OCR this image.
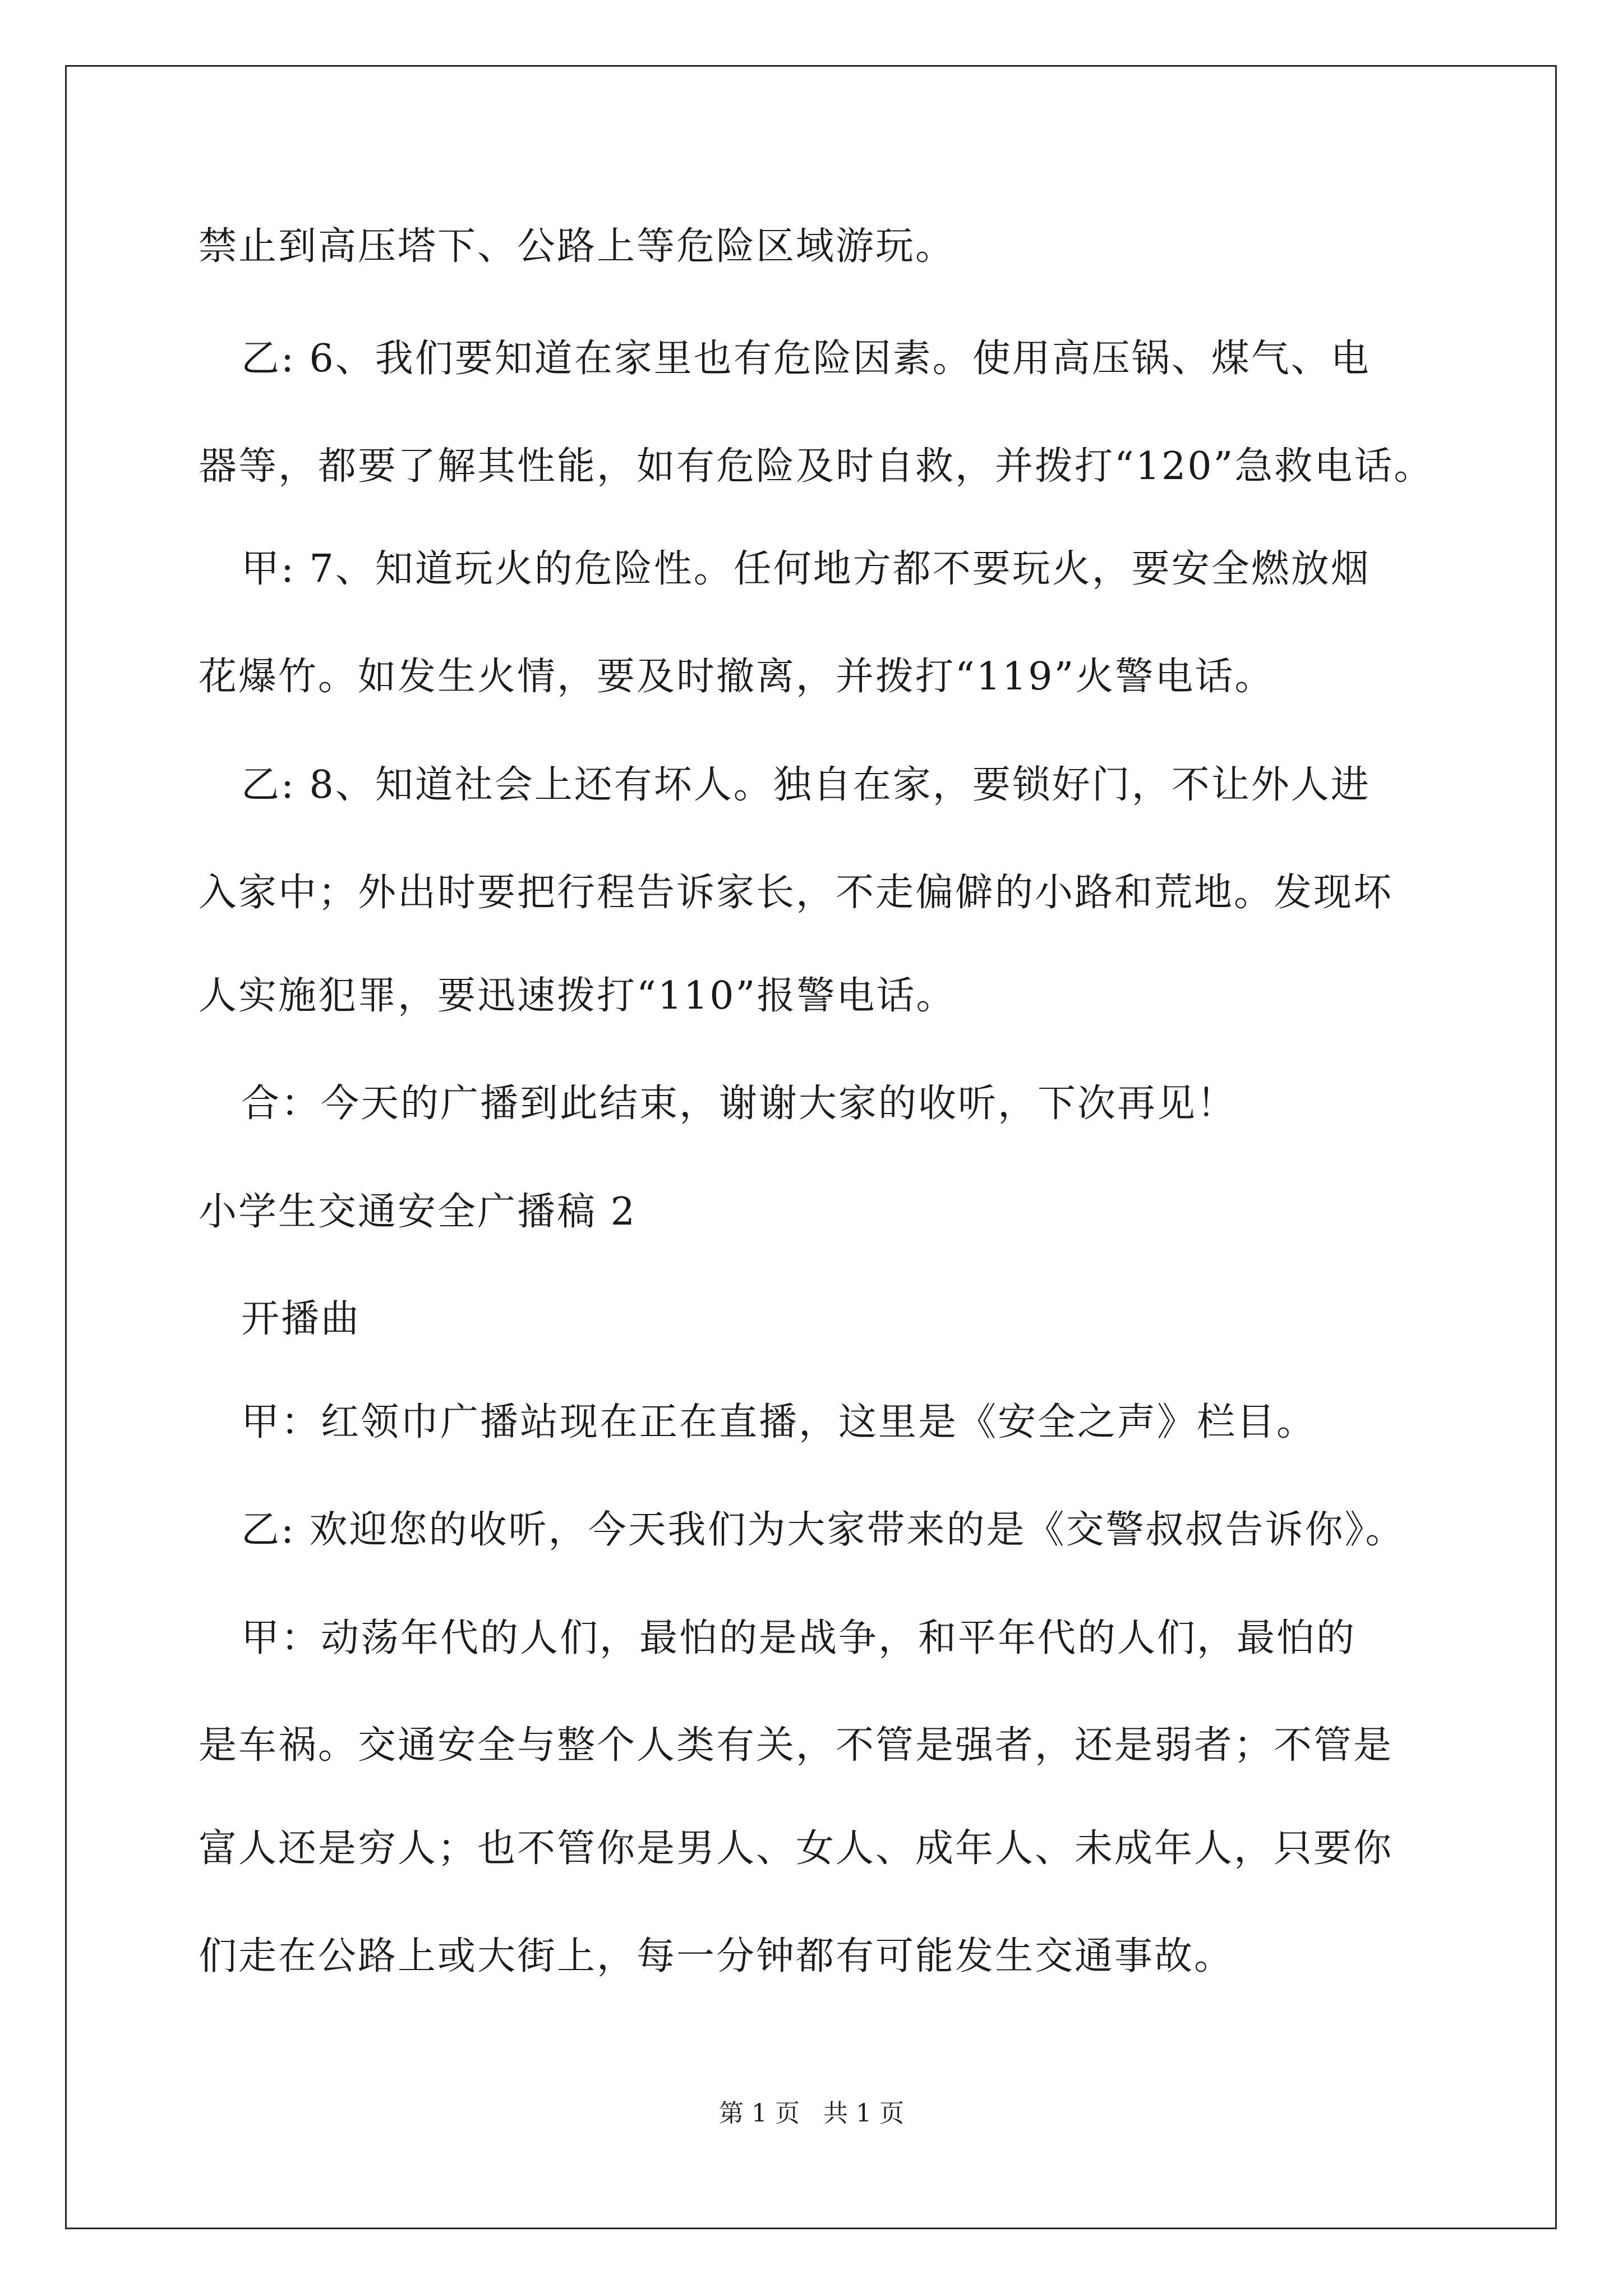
禁止到高压塔下、公路上等危险区域游玩。
乙: 6、我们要知道在家里也有危险因素。使用高压锅、煤气、电
器等，都要了解其性能，如有危险及时自救，并拨打“120”急救电话。
甲: 7、知道玩火的危险性。任何地方都不要玩火，要安全燃放烟
花爆竹。如发生火情，要及时撤离，并拨打“119”火警电话。
乙: 8、知道社会上还有坏人。独自在家，要锁好门，不让外人进
入家中；外出时要把行程告诉家长，不走偏僻的小路和荒地。发现坏
人实施犯罪，要迅速拨打“110”报警电话。
合：今天的广播到此结束，谢谢大家的收听，下次再见！
小学生交通安全广播稿 2
开播曲
甲：红领巾广播站现在正在直播，这里是《安全之声》栏目。
乙: 欢迎您的收听，今天我们为大家带来的是《交警叔叔告诉你》。
甲：动荡年代的人们，最怕的是战争，和平年代的人们，最怕的
是车祸。交通安全与整个人类有关，不管是强者，还是弱者；不管是
富人还是穷人；也不管你是男人、女人、成年人、未成年人，只要你
们走在公路上或大街上，每一分钟都有可能发生交通事故。
第 1 页   共 1 页
